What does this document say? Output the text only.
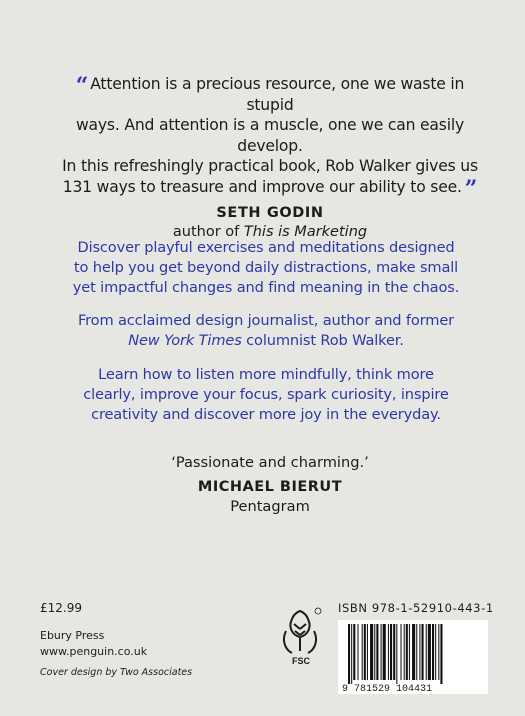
“ Attention is a precious resource, one we waste in stupid
ways. And attention is a muscle, one we can easily develop.
In this refreshingly practical book, Rob Walker gives us
131 ways to treasure and improve our ability to see. ”
SETH GODIN
author of This is Marketing

Discover playful exercises and meditations designed to help you get beyond daily distractions, make small yet impactful changes and find meaning in the chaos.

From acclaimed design journalist, author and former New York Times columnist Rob Walker.

Learn how to listen more mindfully, think more clearly, improve your focus, spark curiosity, inspire creativity and discover more joy in the everyday.

‘Passionate and charming.’
MICHAEL BIERUT
Pentagram
£12.99
Ebury Press
www.penguin.co.uk
Cover design by Two Associates
FSC
ISBN 978-1-52910-443-1
9 781529 104431
